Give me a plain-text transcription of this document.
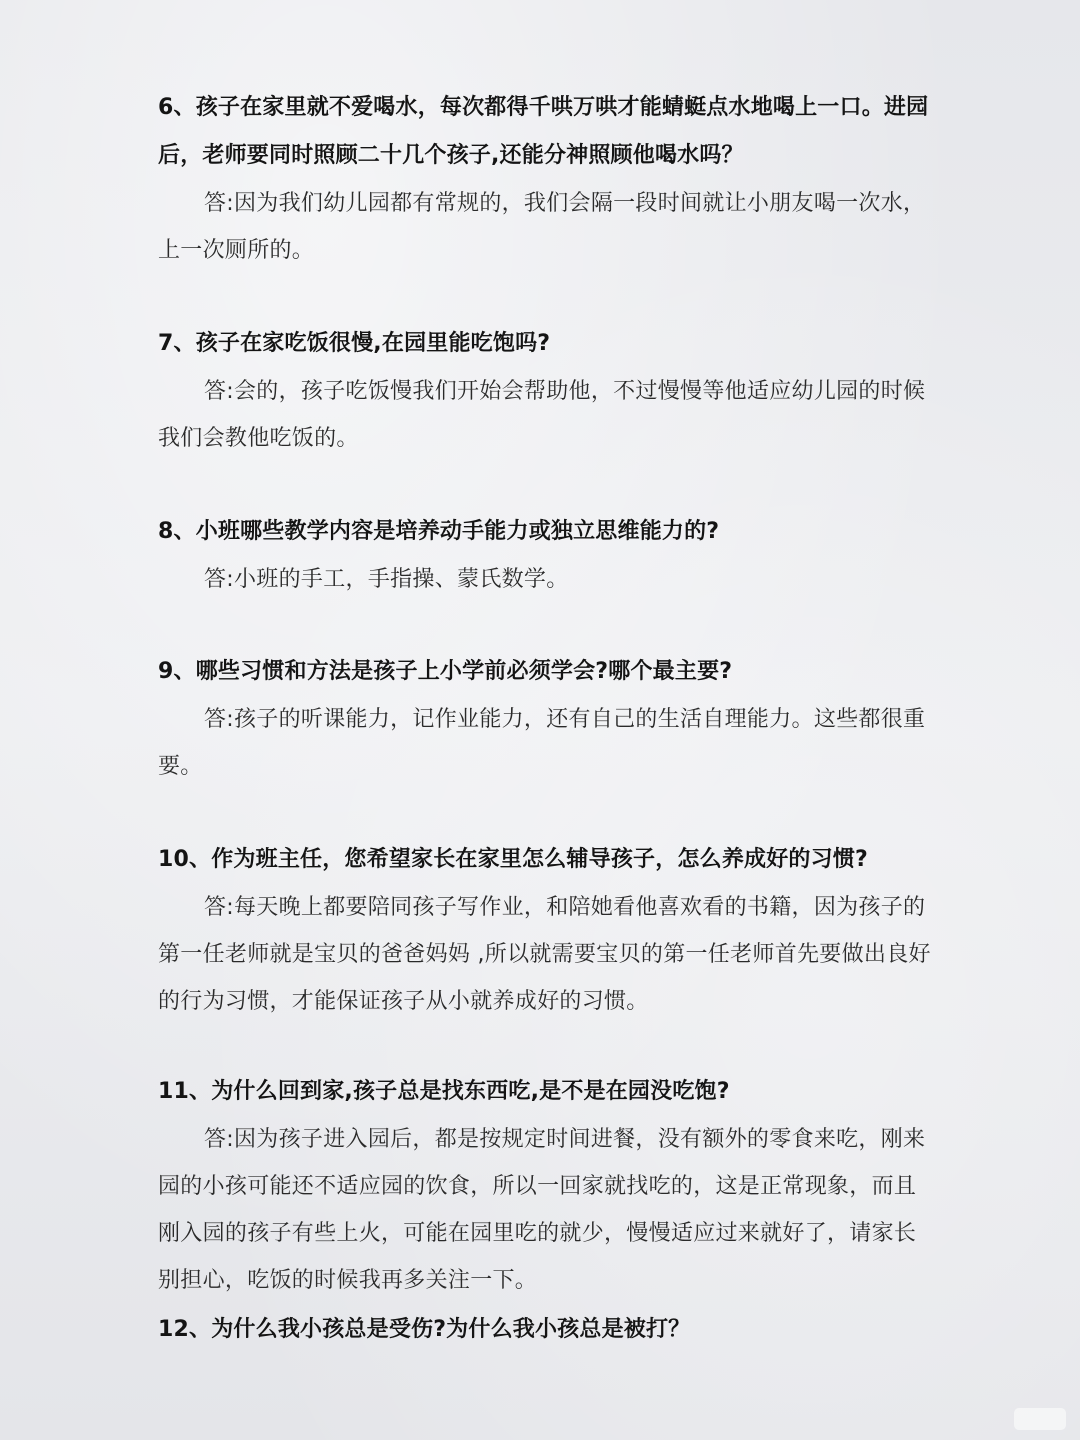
6、孩子在家里就不爱喝水，每次都得千哄万哄才能蜻蜓点水地喝上一口。进园后，老师要同时照顾二十几个孩子,还能分神照顾他喝水吗？
答:因为我们幼儿园都有常规的，我们会隔一段时间就让小朋友喝一次水，上一次厕所的。
7、孩子在家吃饭很慢,在园里能吃饱吗?
答:会的，孩子吃饭慢我们开始会帮助他，不过慢慢等他适应幼儿园的时候我们会教他吃饭的。
8、小班哪些教学内容是培养动手能力或独立思维能力的?
答:小班的手工，手指操、蒙氏数学。
9、哪些习惯和方法是孩子上小学前必须学会?哪个最主要?
答:孩子的听课能力，记作业能力，还有自己的生活自理能力。这些都很重要。
10、作为班主任，您希望家长在家里怎么辅导孩子，怎么养成好的习惯?
答:每天晚上都要陪同孩子写作业，和陪她看他喜欢看的书籍，因为孩子的第一任老师就是宝贝的爸爸妈妈 ,所以就需要宝贝的第一任老师首先要做出良好的行为习惯，才能保证孩子从小就养成好的习惯。
11、为什么回到家,孩子总是找东西吃,是不是在园没吃饱?
答:因为孩子进入园后，都是按规定时间进餐，没有额外的零食来吃，刚来园的小孩可能还不适应园的饮食，所以一回家就找吃的，这是正常现象，而且刚入园的孩子有些上火，可能在园里吃的就少，慢慢适应过来就好了，请家长别担心，吃饭的时候我再多关注一下。
12、为什么我小孩总是受伤?为什么我小孩总是被打？
